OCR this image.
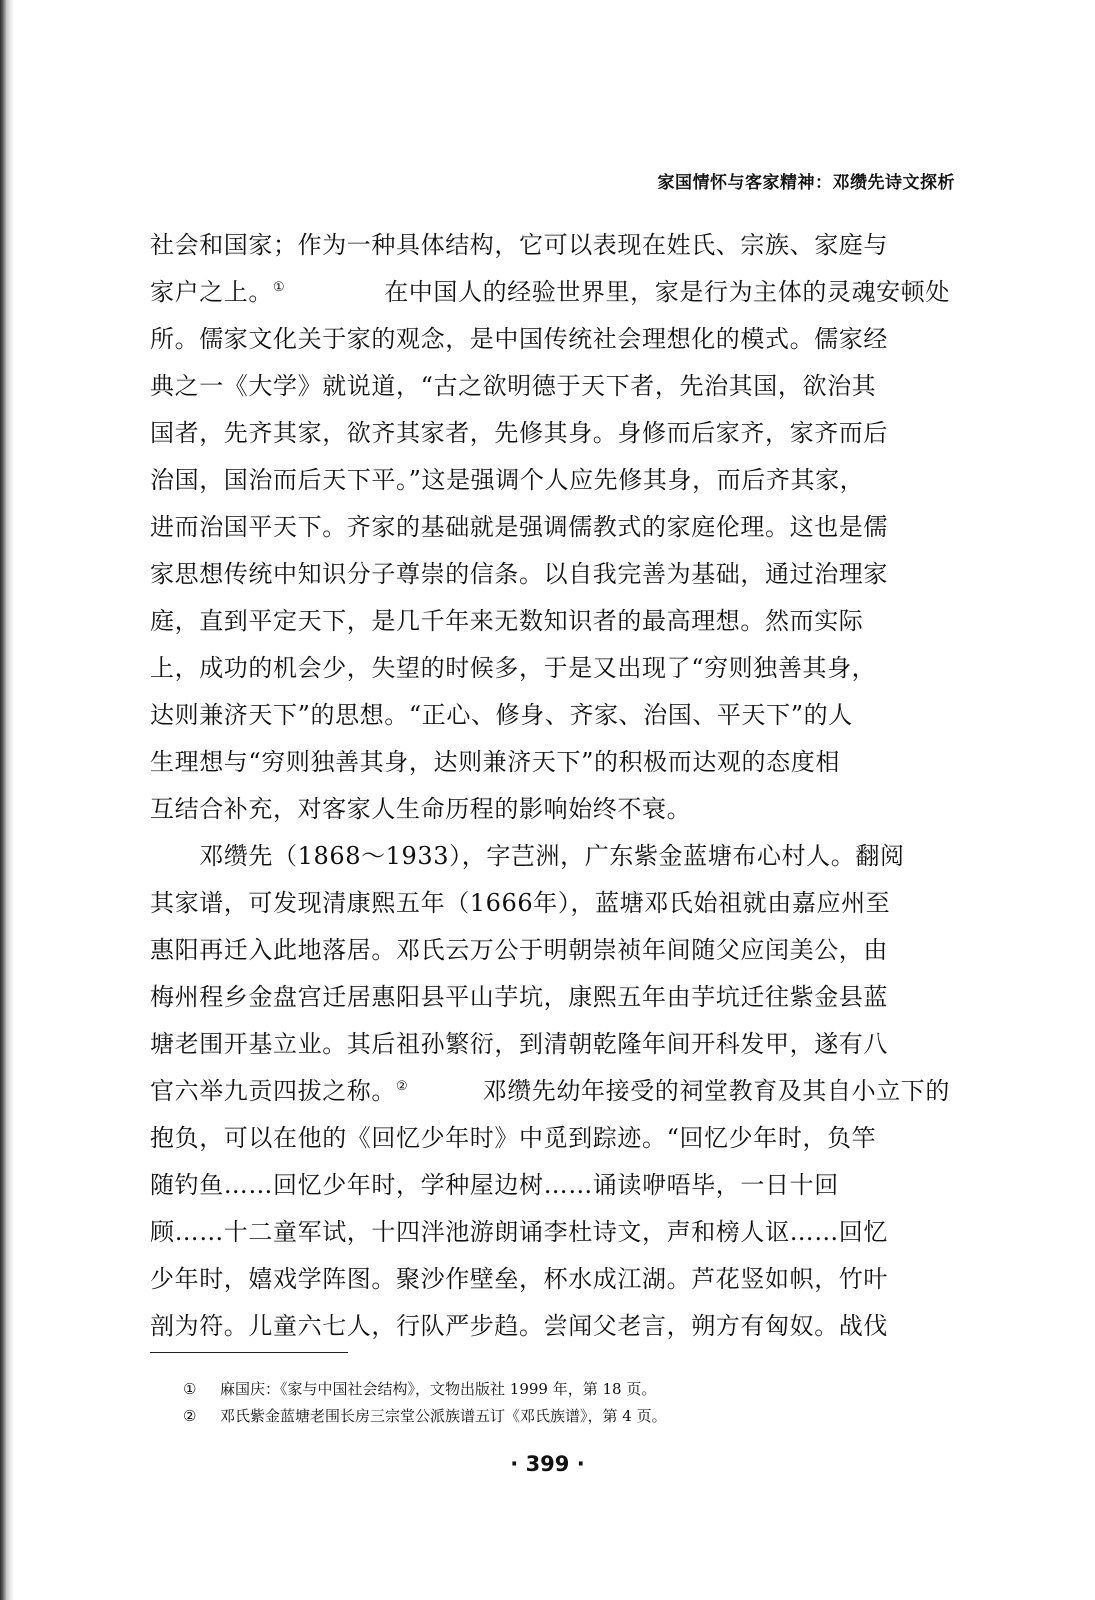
家国情怀与客家精神：邓缵先诗文探析
社会和国家；作为一种具体结构，它可以表现在姓氏、宗族、家庭与
家户之上。①	在中国人的经验世界里，家是行为主体的灵魂安顿处
所。儒家文化关于家的观念，是中国传统社会理想化的模式。儒家经
典之一《大学》就说道，“古之欲明德于天下者，先治其国，欲治其
国者，先齐其家，欲齐其家者，先修其身。身修而后家齐，家齐而后
治国，国治而后天下平。”这是强调个人应先修其身，而后齐其家，
进而治国平天下。齐家的基础就是强调儒教式的家庭伦理。这也是儒
家思想传统中知识分子尊崇的信条。以自我完善为基础，通过治理家
庭，直到平定天下，是几千年来无数知识者的最高理想。然而实际
上，成功的机会少，失望的时候多，于是又出现了“穷则独善其身，
达则兼济天下”的思想。“正心、修身、齐家、治国、平天下”的人
生理想与“穷则独善其身，达则兼济天下”的积极而达观的态度相
互结合补充，对客家人生命历程的影响始终不衰。
　　邓缵先（1868～1933），字芑洲，广东紫金蓝塘布心村人。翻阅
其家谱，可发现清康熙五年（1666年），蓝塘邓氏始祖就由嘉应州至
惠阳再迁入此地落居。邓氏云万公于明朝崇祯年间随父应闰美公，由
梅州程乡金盘宫迁居惠阳县平山芋坑，康熙五年由芋坑迁往紫金县蓝
塘老围开基立业。其后祖孙繁衍，到清朝乾隆年间开科发甲，遂有八
官六举九贡四拔之称。②	邓缵先幼年接受的祠堂教育及其自小立下的
抱负，可以在他的《回忆少年时》中觅到踪迹。“回忆少年时，负竿
随钓鱼……回忆少年时，学种屋边树……诵读咿唔毕，一日十回
顾……十二童军试，十四泮池游朗诵李杜诗文，声和榜人讴……回忆
少年时，嬉戏学阵图。聚沙作壁垒，杯水成江湖。芦花竖如帜，竹叶
剖为符。儿童六七人，行队严步趋。尝闻父老言，朔方有匈奴。战伐
①	麻国庆：《家与中国社会结构》，文物出版社 1999 年，第 18 页。
②	邓氏紫金蓝塘老围长房三宗堂公派族谱五订《邓氏族谱》，第 4 页。
· 399 ·
